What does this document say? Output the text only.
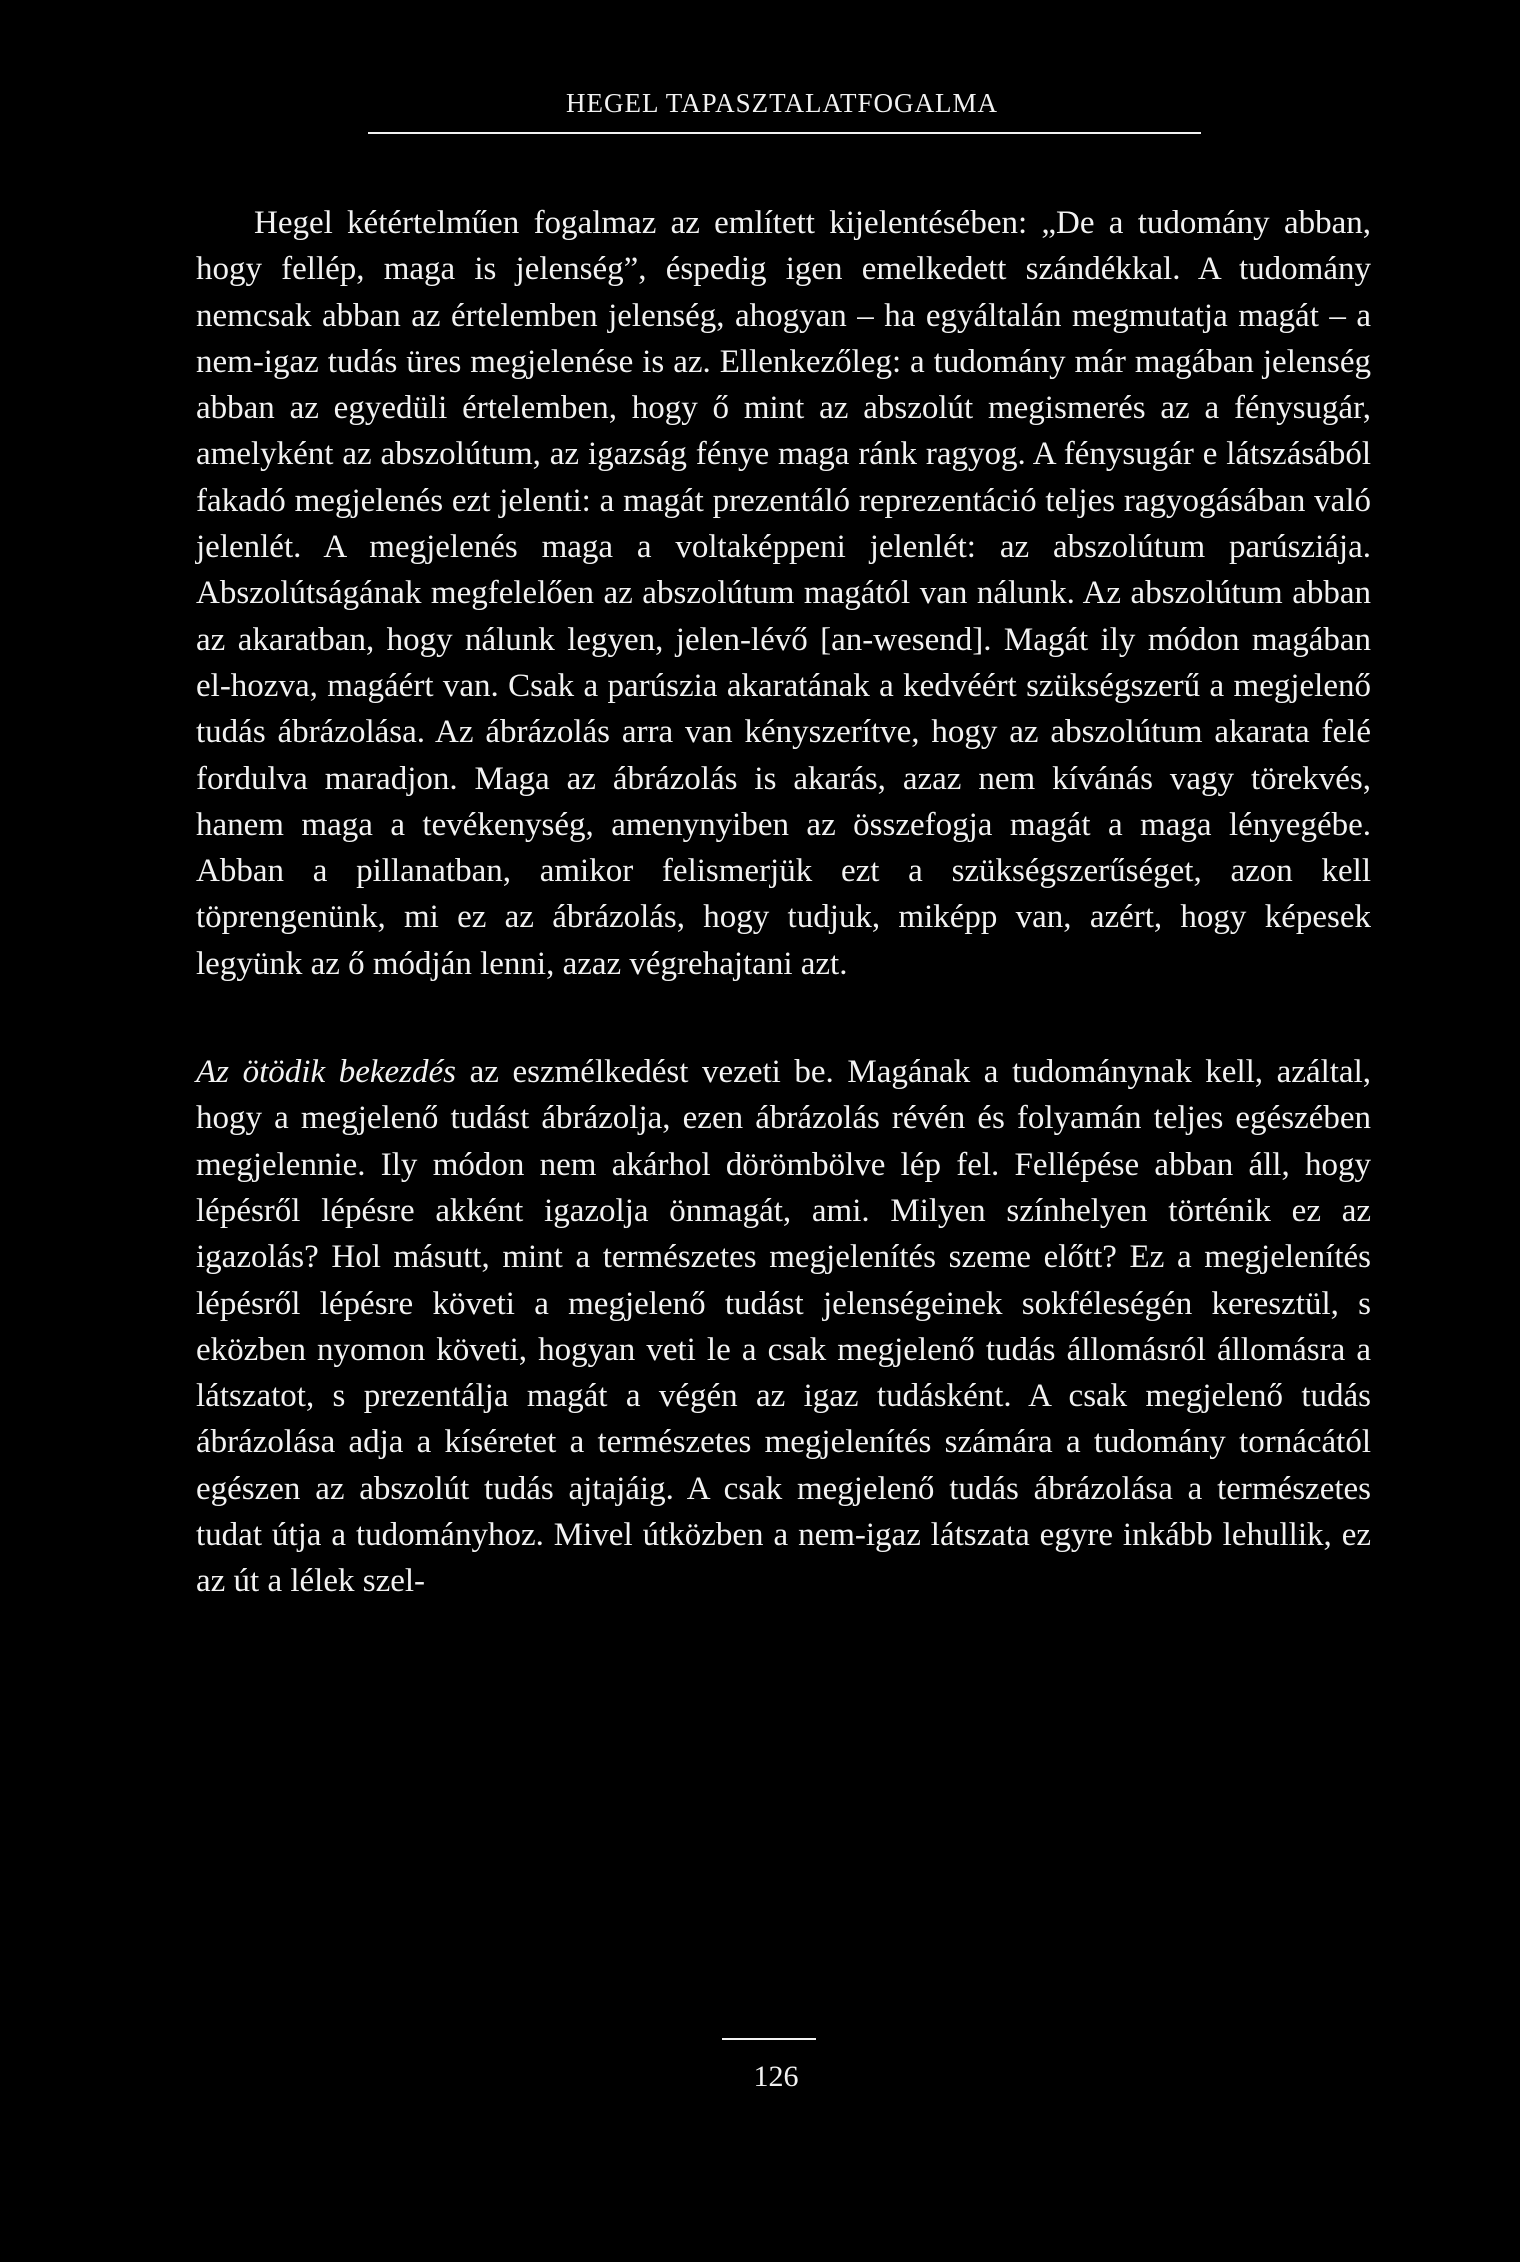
HEGEL TAPASZTALATFOGALMA

Hegel kétértelműen fogalmaz az említett kijelentésében: „De a tudomány abban, hogy fellép, maga is jelenség”, éspedig igen emelkedett szándékkal. A tudomány nemcsak abban az értelemben jelenség, ahogyan – ha egyáltalán megmutatja magát – a nem-igaz tudás üres megjelenése is az. Ellenkezőleg: a tudomány már magában jelenség abban az egyedüli értelemben, hogy ő mint az abszolút megismerés az a fénysugár, amelyként az abszolútum, az igazság fénye maga ránk ragyog. A fénysugár e látszásából fakadó megjelenés ezt jelenti: a magát prezentáló reprezentáció teljes ragyogásában való jelenlét. A megjelenés maga a voltaképpeni jelenlét: az abszolútum parúsziája. Abszolútságának megfelelően az abszolútum magától van nálunk. Az abszolútum abban az akaratban, hogy nálunk legyen, jelen-lévő [an-wesend]. Magát ily módon magában el-hozva, magáért van. Csak a parúszia akaratának a kedvéért szükségszerű a megjelenő tudás ábrázolása. Az ábrázolás arra van kényszerítve, hogy az abszolútum akarata felé fordulva maradjon. Maga az ábrázolás is akarás, azaz nem kívánás vagy törekvés, hanem maga a tevékenység, amenynyiben az összefogja magát a maga lényegébe. Abban a pillanatban, amikor felismerjük ezt a szükségszerűséget, azon kell töprengenünk, mi ez az ábrázolás, hogy tudjuk, miképp van, azért, hogy képesek legyünk az ő módján lenni, azaz végrehajtani azt.

Az ötödik bekezdés az eszmélkedést vezeti be. Magának a tudománynak kell, azáltal, hogy a megjelenő tudást ábrázolja, ezen ábrázolás révén és folyamán teljes egészében megjelennie. Ily módon nem akárhol dörömbölve lép fel. Fellépése abban áll, hogy lépésről lépésre akként igazolja önmagát, ami. Milyen színhelyen történik ez az igazolás? Hol másutt, mint a természetes megjelenítés szeme előtt? Ez a megjelenítés lépésről lépésre követi a megjelenő tudást jelenségeinek sokféleségén keresztül, s eközben nyomon követi, hogyan veti le a csak megjelenő tudás állomásról állomásra a látszatot, s prezentálja magát a végén az igaz tudásként. A csak megjelenő tudás ábrázolása adja a kíséretet a természetes megjelenítés számára a tudomány tornácától egészen az abszolút tudás ajtajáig. A csak megjelenő tudás ábrázolása a természetes tudat útja a tudományhoz. Mivel útközben a nem-igaz látszata egyre inkább lehullik, ez az út a lélek szel-

126
